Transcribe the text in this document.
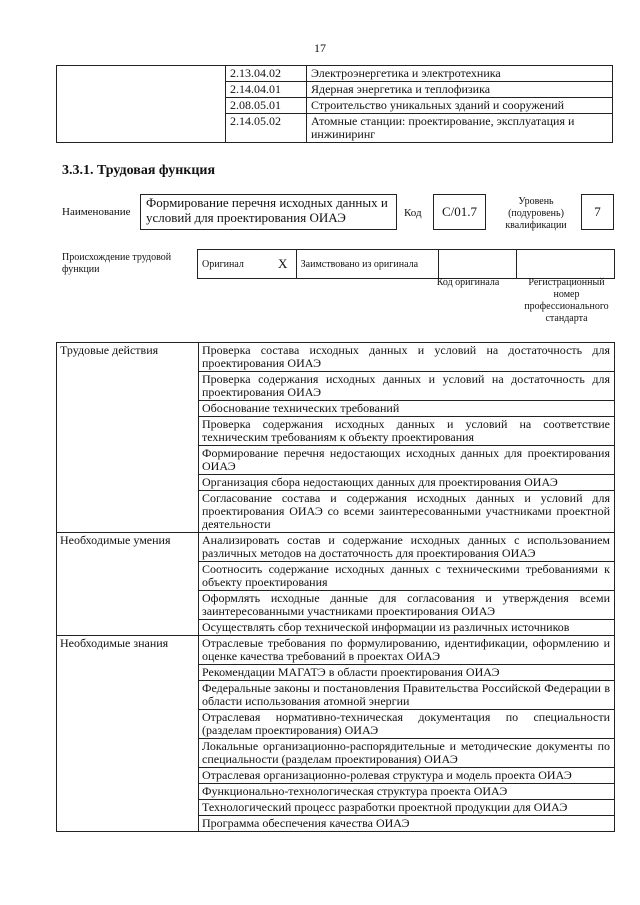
17
	2.13.04.02	Электроэнергетика и электротехника
	2.14.04.01	Ядерная энергетика и теплофизика
	2.08.05.01	Строительство уникальных зданий и сооружений
	2.14.05.02	Атомные станции: проектирование, эксплуатация и инжиниринг
3.3.1. Трудовая функция
Наименование
Формирование перечня исходных данных и условий для проектирования ОИАЭ	Код	C/01.7
Уровень (подуровень) квалификации
7
Происхождение трудовой функции	Оригинал	X	Заимствовано из оригинала		
Код оригинала	Регистрационный номер профессионального стандарта
Трудовые действия	Проверка состава исходных данных и условий на достаточность для проектирования ОИАЭ
	Проверка содержания исходных данных и условий на достаточность для проектирования ОИАЭ
	Обоснование технических требований
	Проверка содержания исходных данных и условий на соответствие техническим требованиям к объекту проектирования
	Формирование перечня недостающих исходных данных для проектирования ОИАЭ
	Организация сбора недостающих данных для проектирования ОИАЭ
	Согласование состава и содержания исходных данных и условий для проектирования ОИАЭ со всеми заинтересованными участниками проектной деятельности
Необходимые умения	Анализировать состав и содержание исходных данных с использованием различных методов на достаточность для проектирования ОИАЭ
	Соотносить содержание исходных данных с техническими требованиями к объекту проектирования
	Оформлять исходные данные для согласования и утверждения всеми заинтересованными участниками проектирования ОИАЭ
	Осуществлять сбор технической информации из различных источников
Необходимые знания	Отраслевые требования по формулированию, идентификации, оформлению и оценке качества требований в проектах ОИАЭ
	Рекомендации МАГАТЭ в области проектирования ОИАЭ
	Федеральные законы и постановления Правительства Российской Федерации в области использования атомной энергии
	Отраслевая нормативно-техническая документация по специальности (разделам проектирования) ОИАЭ
	Локальные организационно-распорядительные и методические документы по специальности (разделам проектирования) ОИАЭ
	Отраслевая организационно-ролевая структура и модель проекта ОИАЭ
	Функционально-технологическая структура проекта ОИАЭ
	Технологический процесс разработки проектной продукции для ОИАЭ
	Программа обеспечения качества ОИАЭ
